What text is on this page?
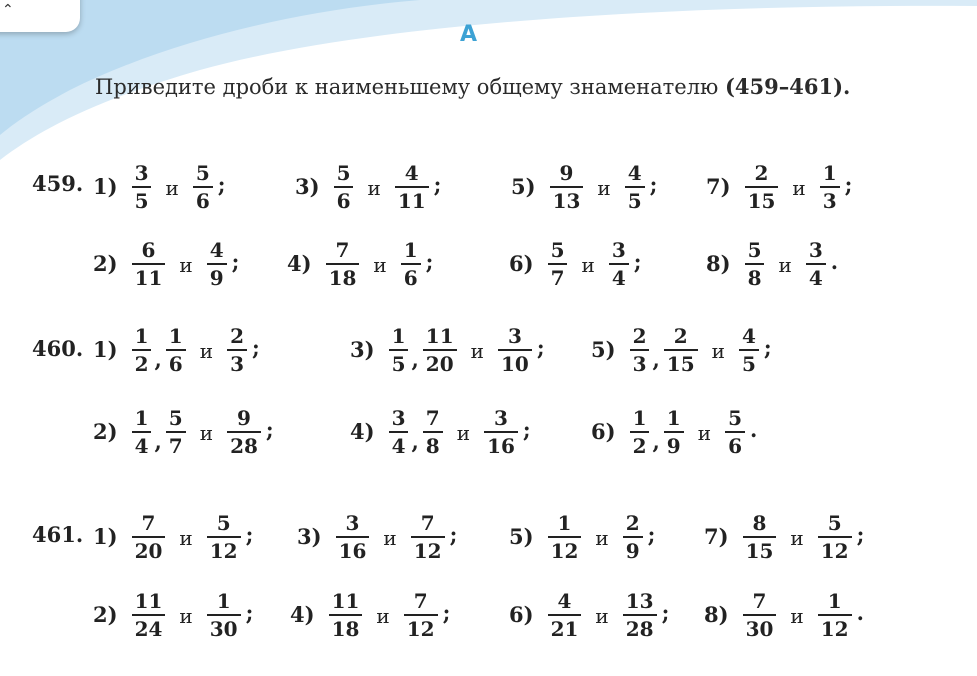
⌃
А
Приведите дроби к наименьшему общему знаменателю (459–461).
459. $1) \frac{3}{5}$ и $\frac{5}{6}$ ;	$3) \frac{5}{6}$ и $\frac{4}{11}$ ;	$5) \frac{9}{13}$ и $\frac{4}{5}$ ; $7) \frac{2}{15}$ и $\frac{1}{3}$ ;
$2) \frac{6}{11}$ и $\frac{4}{9}$ ; $4) \frac{7}{18}$ и $\frac{1}{6}$ ;	$6) \frac{5}{7}$ и $\frac{3}{4}$ ;	$8) \frac{5}{8}$ и $\frac{3}{4}$ .
460. $1) \frac{1}{2}$ , $\frac{1}{6}$ и $\frac{2}{3}$ ;	$3) \frac{1}{5}$ , $\frac{11}{20}$ и $\frac{3}{10}$ ; $5) \frac{2}{3}$ , $\frac{2}{15}$ и $\frac{4}{5}$ ;
$2) \frac{1}{4}$ , $\frac{5}{7}$ и $\frac{9}{28}$ ;	$4) \frac{3}{4}$ , $\frac{7}{8}$ и $\frac{3}{16}$ ;	$6) \frac{1}{2}$ , $\frac{1}{9}$ и $\frac{5}{6}$ .
461. $1) \frac{7}{20}$ и $\frac{5}{12}$ ; $3) \frac{3}{16}$ и $\frac{7}{12}$ ; $5) \frac{1}{12}$ и $\frac{2}{9}$ ; $7) \frac{8}{15}$ и $\frac{5}{12}$ ;
$2) \frac{11}{24}$ и $\frac{1}{30}$ ; $4) \frac{11}{18}$ и $\frac{7}{12}$ ;	$6) \frac{4}{21}$ и $\frac{13}{28}$ ; $8) \frac{7}{30}$ и $\frac{1}{12}$ .
